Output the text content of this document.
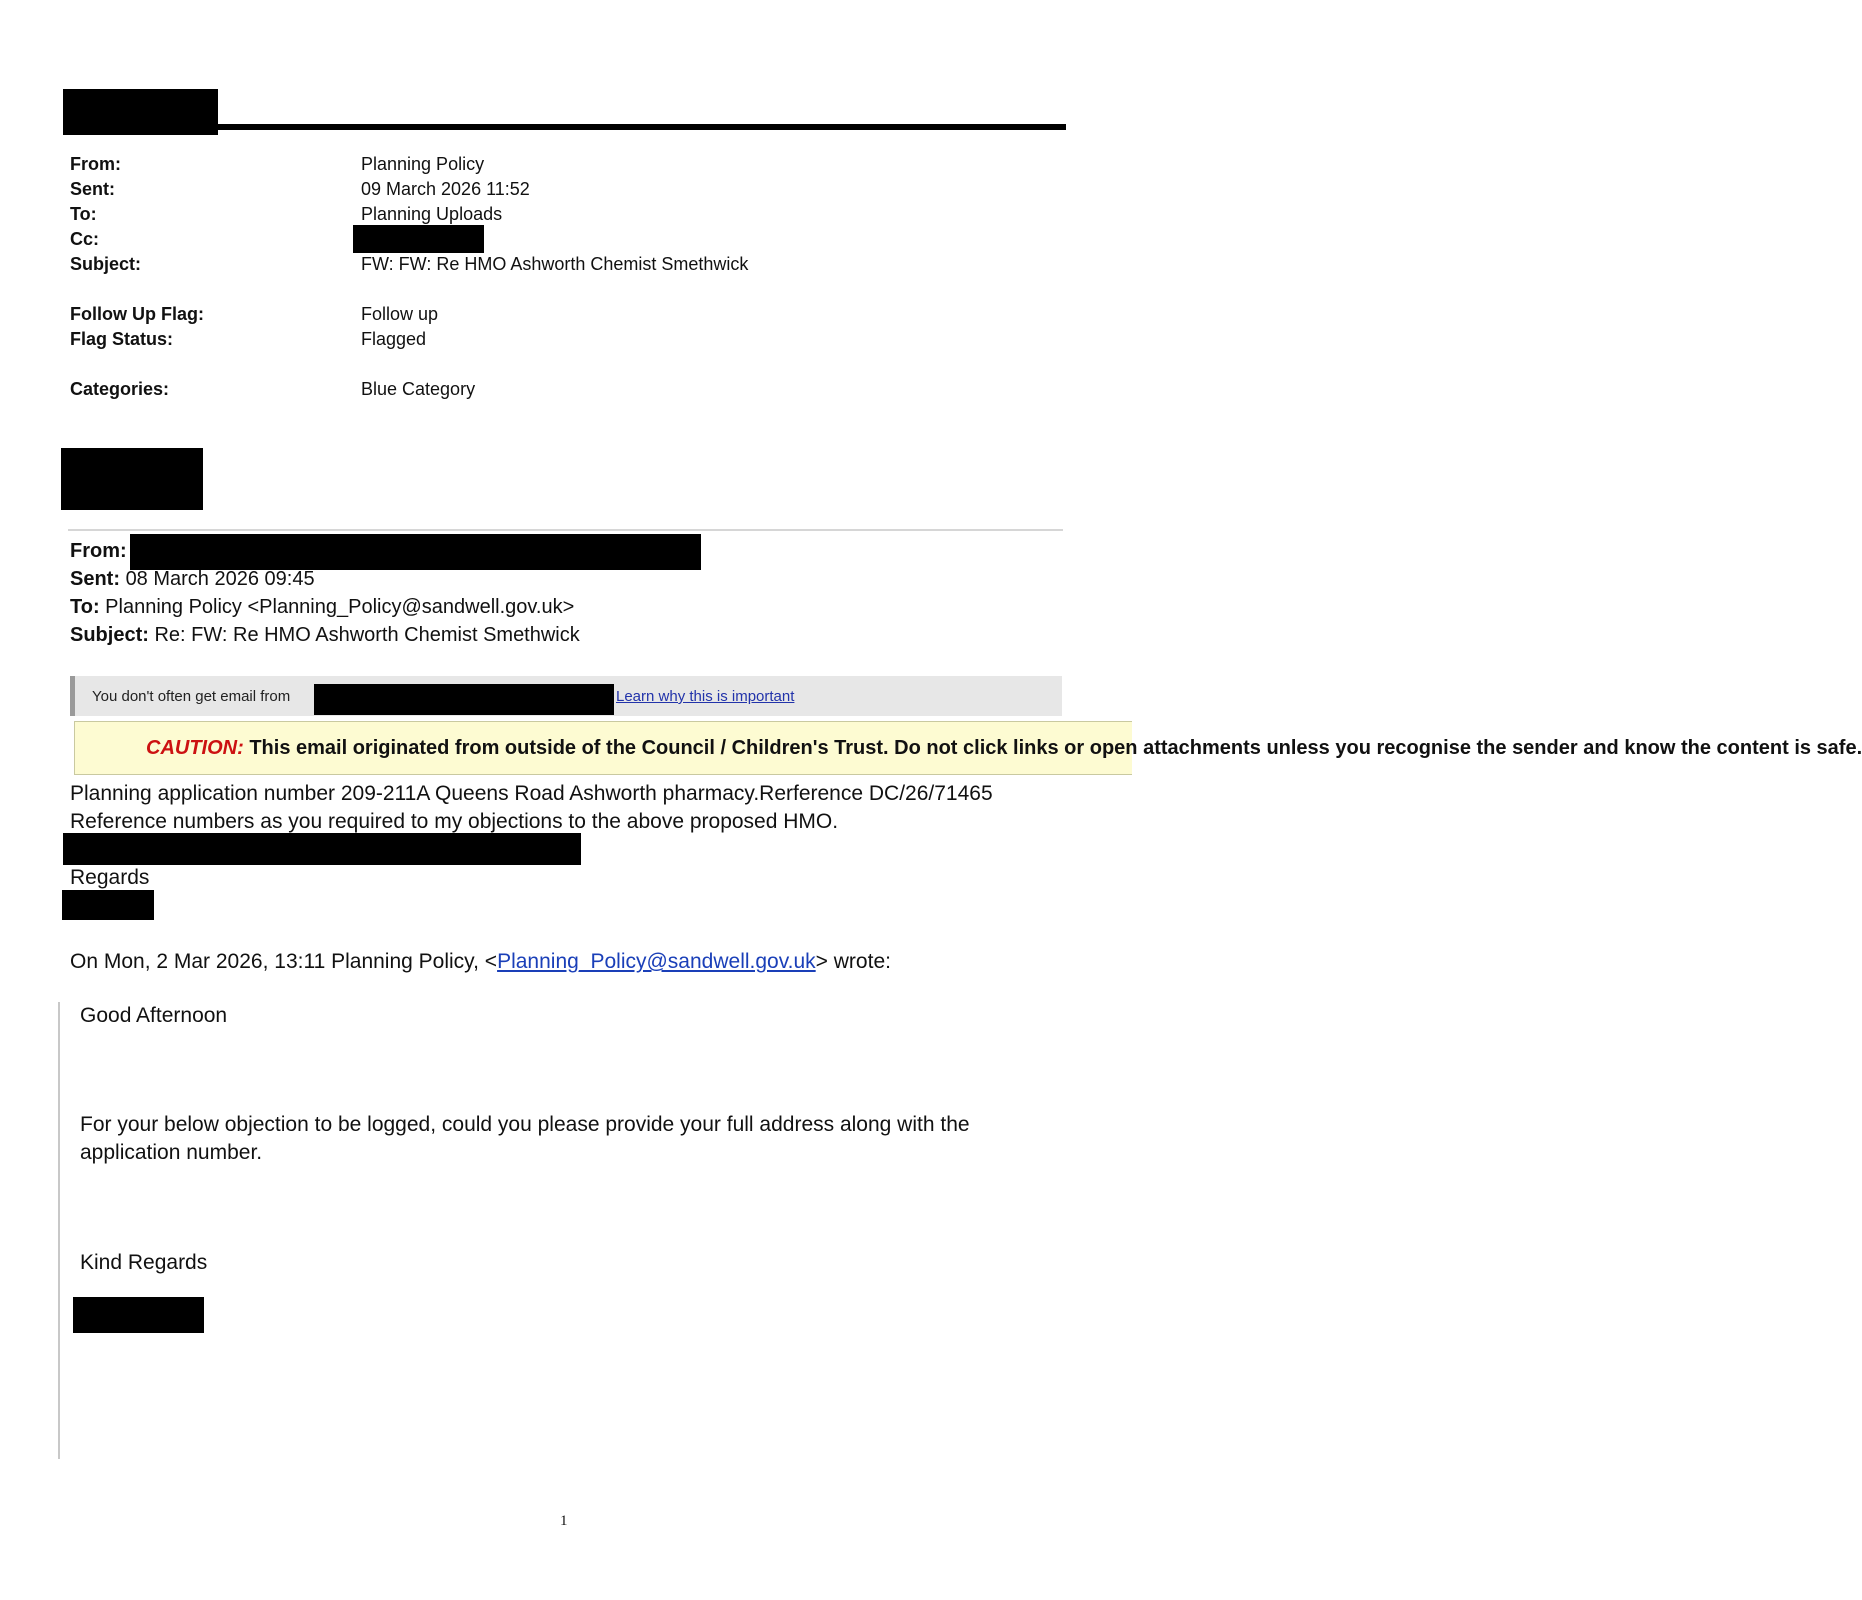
From:	Planning Policy
Sent:	09 March 2026 11:52
To:	Planning Uploads
Cc:
Subject:	FW: FW: Re HMO Ashworth Chemist Smethwick
Follow Up Flag:	Follow up
Flag Status:	Flagged
Categories:	Blue Category
From:
Sent: 08 March 2026 09:45
To: Planning Policy <Planning_Policy@sandwell.gov.uk>
Subject: Re: FW: Re HMO Ashworth Chemist Smethwick
You don't often get email from	Learn why this is important
CAUTION: This email originated from outside of the Council / Children's Trust. Do not click links or open attachments unless you recognise the sender and know the content is safe.
Planning application number 209-211A Queens Road Ashworth pharmacy.Rerference DC/26/71465
Reference numbers as you required to my objections to the above proposed HMO.
Regards
On Mon, 2 Mar 2026, 13:11 Planning Policy, <Planning_Policy@sandwell.gov.uk> wrote:
Good Afternoon
For your below objection to be logged, could you please provide your full address along with the
application number.
Kind Regards
1
